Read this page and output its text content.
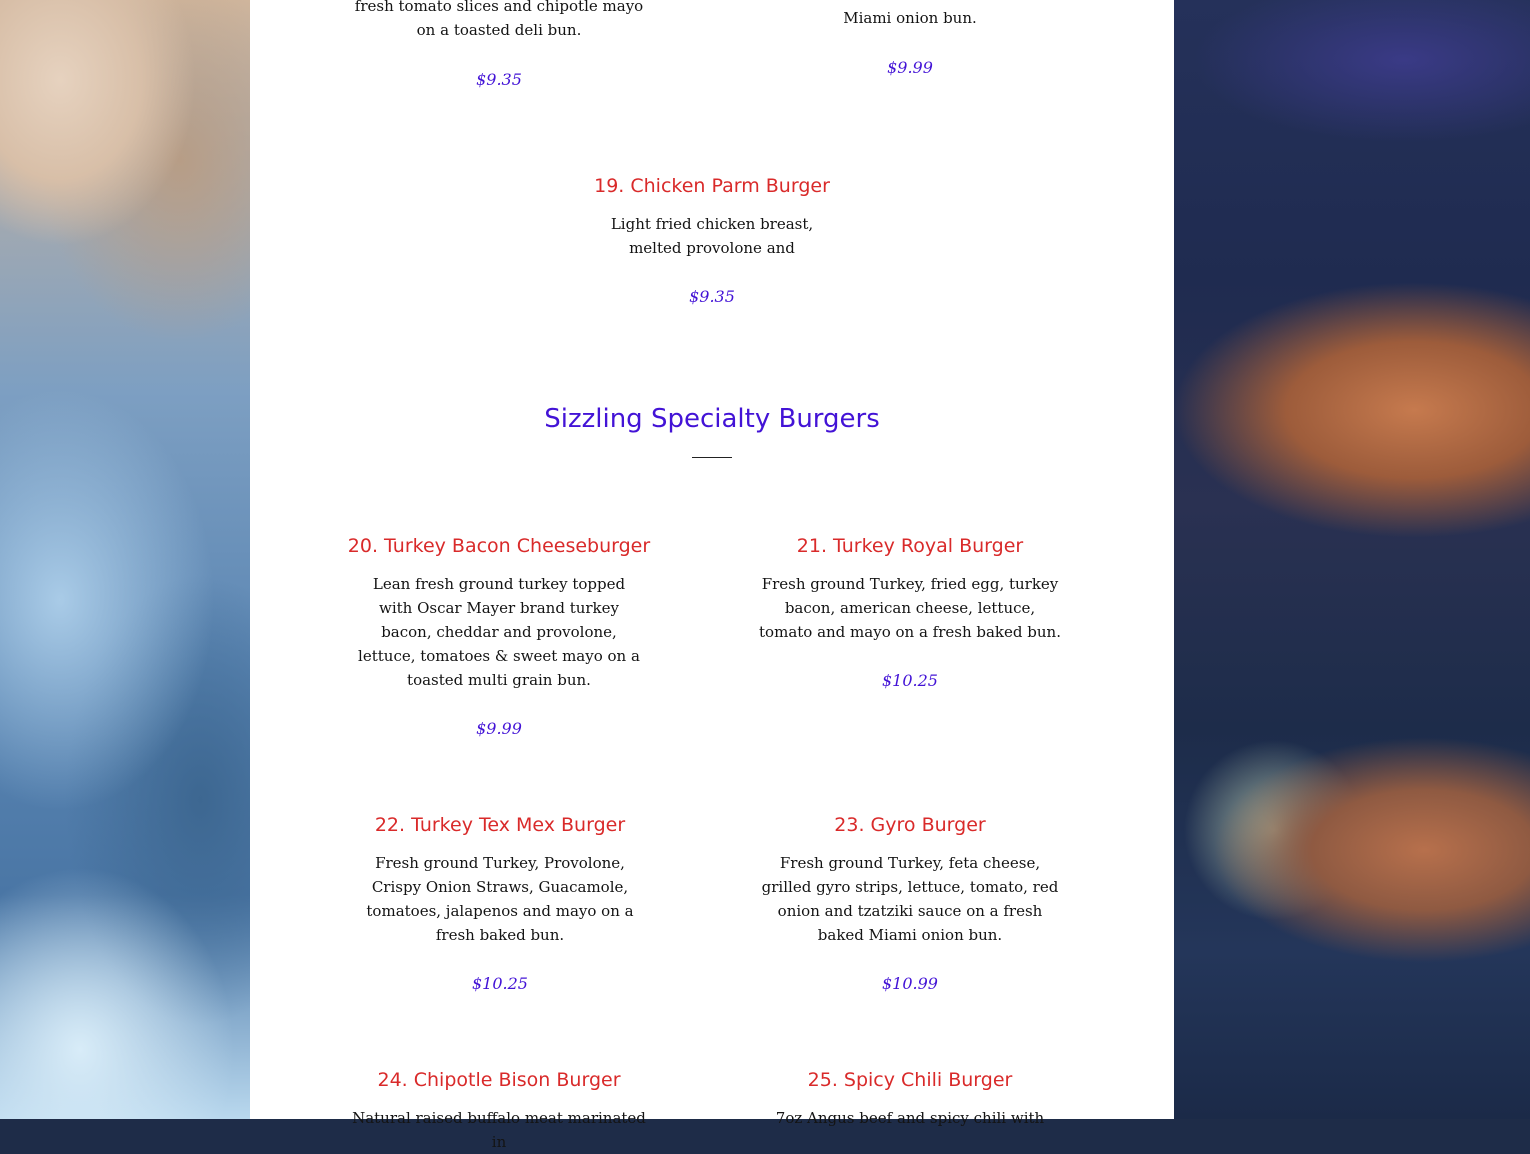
fresh tomato slices and chipotle mayo on a toasted deli bun.
$9.35
Miami onion bun.
$9.99
19. Chicken Parm Burger
Light fried chicken breast, melted provolone and
$9.35
Sizzling Specialty Burgers
20. Turkey Bacon Cheeseburger
Lean fresh ground turkey topped with Oscar Mayer brand turkey bacon, cheddar and provolone, lettuce, tomatoes & sweet mayo on a toasted multi grain bun.
$9.99
21. Turkey Royal Burger
Fresh ground Turkey, fried egg, turkey bacon, american cheese, lettuce, tomato and mayo on a fresh baked bun.
$10.25
22. Turkey Tex Mex Burger
Fresh ground Turkey, Provolone, Crispy Onion Straws, Guacamole, tomatoes, jalapenos and mayo on a fresh baked bun.
$10.25
23. Gyro Burger
Fresh ground Turkey, feta cheese, grilled gyro strips, lettuce, tomato, red onion and tzatziki sauce on a fresh baked Miami onion bun.
$10.99
24. Chipotle Bison Burger
Natural raised buffalo meat marinated in
25. Spicy Chili Burger
7oz Angus beef and spicy chili with
